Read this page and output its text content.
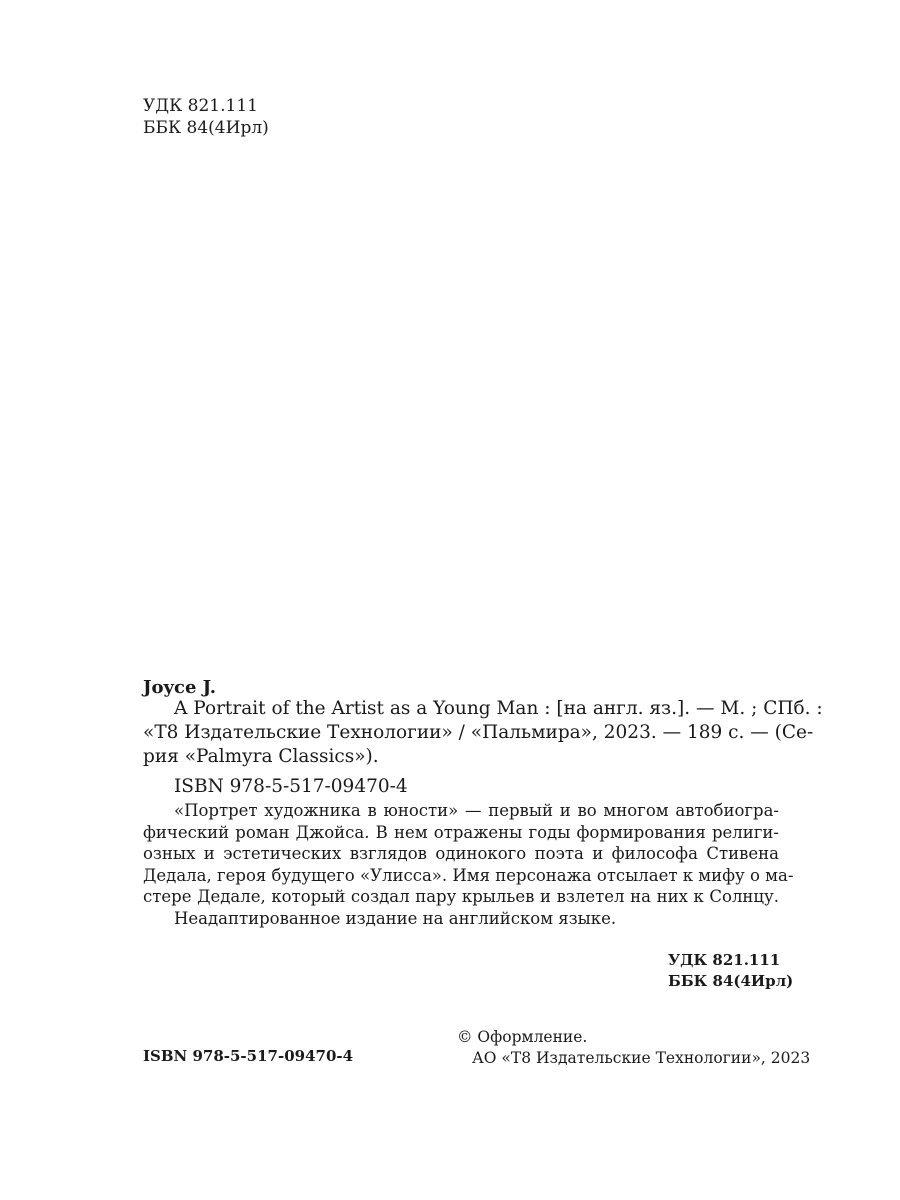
УДК 821.111
ББК 84(4Ирл)
Joyce J.

A Portrait of the Artist as a Young Man : [на англ. яз.]. — М. ; СПб. :

«Т8 Издательские Технологии» / «Пальмира», 2023. — 189 с. — (Се-

рия «Palmyra Classics»).

ISBN 978-5-517-09470-4

«Портрет художника в юности» — первый и во многом автобиогра-
фический роман Джойса. В нем отражены годы формирования религи-
озных и эстетических взглядов одинокого поэта и философа Стивена
Дедала, героя будущего «Улисса». Имя персонажа отсылает к мифу о ма-
стере Дедале, который создал пару крыльев и взлетел на них к Солнцу.
Неадаптированное издание на английском языке.
УДК 821.111
ББК 84(4Ирл)
© Оформление.
АО «Т8 Издательские Технологии», 2023
ISBN 978-5-517-09470-4
